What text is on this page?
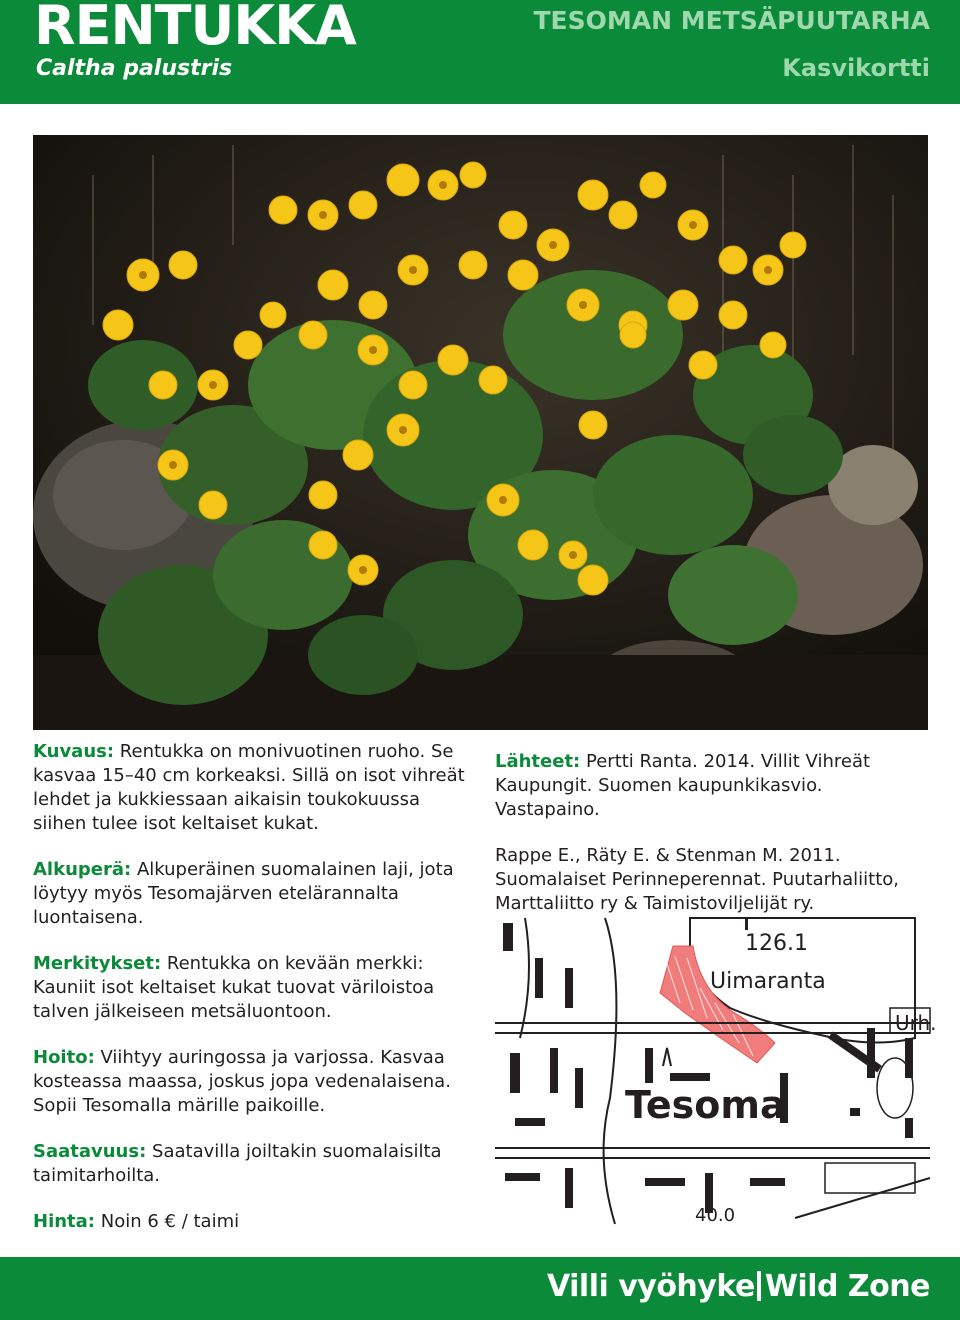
RENTUKKA
Caltha palustris
TESOMAN METSÄPUUTARHA
Kasvikortti

Kuvaus: Rentukka on monivuotinen ruoho. Se kasvaa 15–40 cm korkeaksi. Sillä on isot vihreät lehdet ja kukkiessaan aikaisin toukokuussa siihen tulee isot keltaiset kukat.

Alkuperä: Alkuperäinen suomalainen laji, jota löytyy myös Tesomajärven etelärannalta luontaisena.

Merkitykset: Rentukka on kevään merkki: Kauniit isot keltaiset kukat tuovat väriloistoa talven jälkeiseen metsäluontoon.

Hoito: Viihtyy auringossa ja varjossa. Kasvaa kosteassa maassa, joskus jopa vedenalaisena. Sopii Tesomalla märille paikoille.

Saatavuus: Saatavilla joiltakin suomalaisilta taimitarhoilta.

Hinta: Noin 6 € / taimi

Lähteet: Pertti Ranta. 2014. Villit Vihreät Kaupungit. Suomen kaupunkikasvio. Vastapaino.

Rappe E., Räty E. & Stenman M. 2011. Suomalaiset Perinneperennat. Puutarhaliitto, Marttaliitto ry & Taimistoviljelijät ry.

126.1
Uimaranta
Urh.
Tesoma
40.0
Villi vyöhyke Wild Zone
